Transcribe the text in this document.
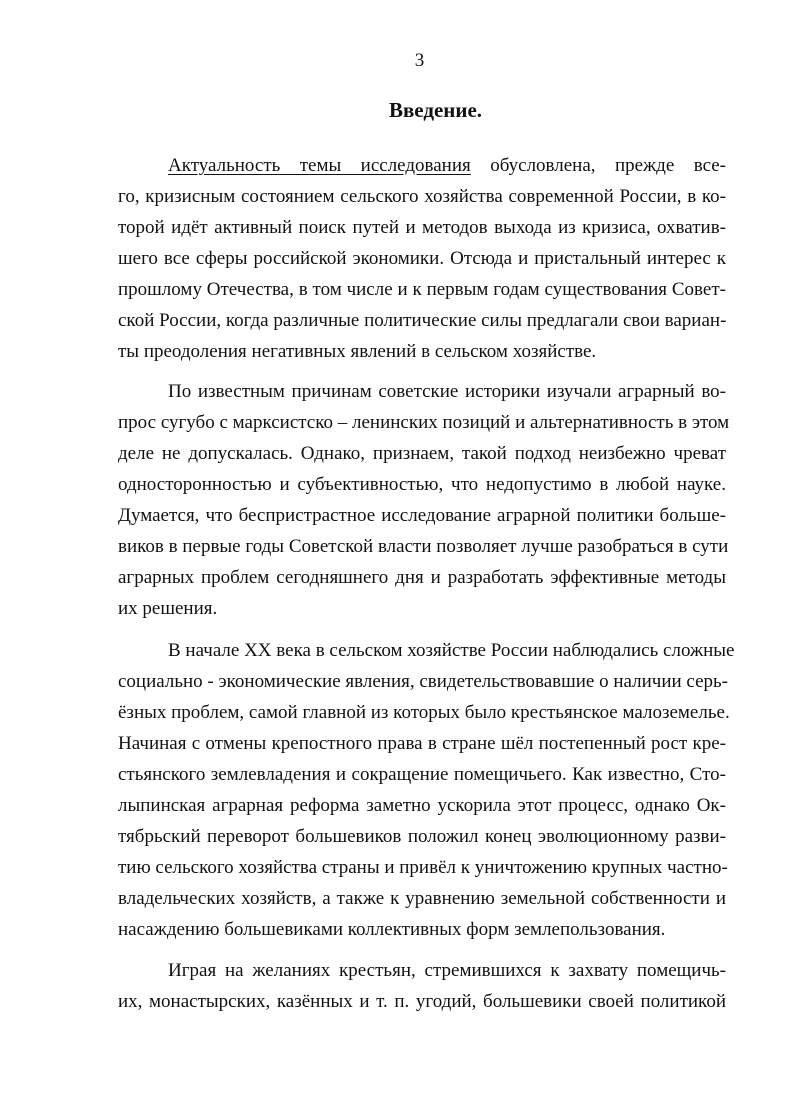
3
Введение.
Актуальность темы исследования обусловлена, прежде все-
го, кризисным состоянием сельского хозяйства современной России, в ко-
торой идёт активный поиск путей и методов выхода из кризиса, охватив-
шего все сферы российской экономики. Отсюда и пристальный интерес к
прошлому Отечества, в том числе и к первым годам существования Совет-
ской России, когда различные политические силы предлагали свои вариан-
ты преодоления негативных явлений в сельском хозяйстве.
По известным причинам советские историки изучали аграрный во-
прос сугубо с марксистско – ленинских позиций и альтернативность в этом
деле не допускалась. Однако, признаем, такой подход неизбежно чреват
односторонностью и субъективностью, что недопустимо в любой науке.
Думается, что беспристрастное исследование аграрной политики больше-
виков в первые годы Советской власти позволяет лучше разобраться в сути
аграрных проблем сегодняшнего дня и разработать эффективные методы
их решения.
В начале XX века в сельском хозяйстве России наблюдались сложные
социально - экономические явления, свидетельствовавшие о наличии серь-
ёзных проблем, самой главной из которых было крестьянское малоземелье.
Начиная с отмены крепостного права в стране шёл постепенный рост кре-
стьянского землевладения и сокращение помещичьего. Как известно, Сто-
лыпинская аграрная реформа заметно ускорила этот процесс, однако Ок-
тябрьский переворот большевиков положил конец эволюционному разви-
тию сельского хозяйства страны и привёл к уничтожению крупных частно-
владельческих хозяйств, а также к уравнению земельной собственности и
насаждению большевиками коллективных форм землепользования.
Играя на желаниях крестьян, стремившихся к захвату помещичь-
их, монастырских, казённых и т. п. угодий, большевики своей политикой
